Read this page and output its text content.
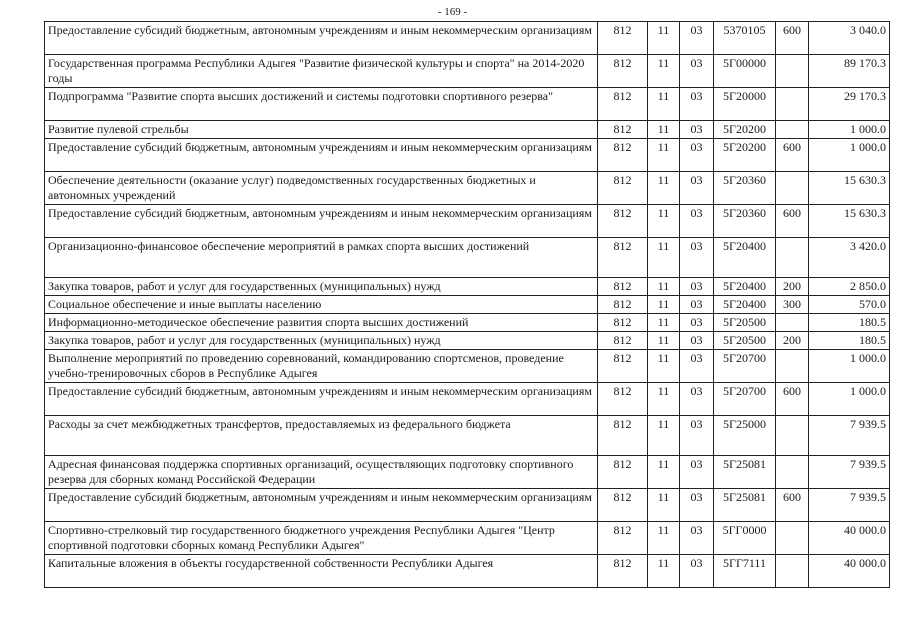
- 169 -
Предоставление субсидий бюджетным, автономным учреждениям и иным некоммерческим организациям	812	11	03	5370105	600	3 040.0
Государственная программа Республики Адыгея "Развитие физической культуры и спорта" на 2014-2020 годы	812	11	03	5Г00000		89 170.3
Подпрограмма "Развитие спорта высших достижений и системы подготовки спортивного резерва"	812	11	03	5Г20000		29 170.3
Развитие пулевой стрельбы	812	11	03	5Г20200		1 000.0
Предоставление субсидий бюджетным, автономным учреждениям и иным некоммерческим организациям	812	11	03	5Г20200	600	1 000.0
Обеспечение деятельности (оказание услуг) подведомственных государственных бюджетных и автономных учреждений	812	11	03	5Г20360		15 630.3
Предоставление субсидий бюджетным, автономным учреждениям и иным некоммерческим организациям	812	11	03	5Г20360	600	15 630.3
Организационно-финансовое обеспечение мероприятий в рамках спорта высших достижений	812	11	03	5Г20400		3 420.0
Закупка товаров, работ и услуг для государственных (муниципальных) нужд	812	11	03	5Г20400	200	2 850.0
Социальное обеспечение и иные выплаты населению	812	11	03	5Г20400	300	570.0
Информационно-методическое обеспечение развития спорта высших достижений	812	11	03	5Г20500		180.5
Закупка товаров, работ и услуг для государственных (муниципальных) нужд	812	11	03	5Г20500	200	180.5
Выполнение мероприятий по проведению соревнований, командированию спортсменов, проведение учебно-тренировочных сборов в Республике Адыгея	812	11	03	5Г20700		1 000.0
Предоставление субсидий бюджетным, автономным учреждениям и иным некоммерческим организациям	812	11	03	5Г20700	600	1 000.0
Расходы за счет межбюджетных трансфертов, предоставляемых из федерального бюджета	812	11	03	5Г25000		7 939.5
Адресная финансовая поддержка спортивных организаций, осуществляющих подготовку спортивного резерва для сборных команд Российской Федерации	812	11	03	5Г25081		7 939.5
Предоставление субсидий бюджетным, автономным учреждениям и иным некоммерческим организациям	812	11	03	5Г25081	600	7 939.5
Спортивно-стрелковый тир государственного бюджетного учреждения Республики Адыгея "Центр спортивной подготовки сборных команд Республики Адыгея"	812	11	03	5ГГ0000		40 000.0
Капитальные вложения в объекты государственной собственности Республики Адыгея	812	11	03	5ГГ7111		40 000.0
